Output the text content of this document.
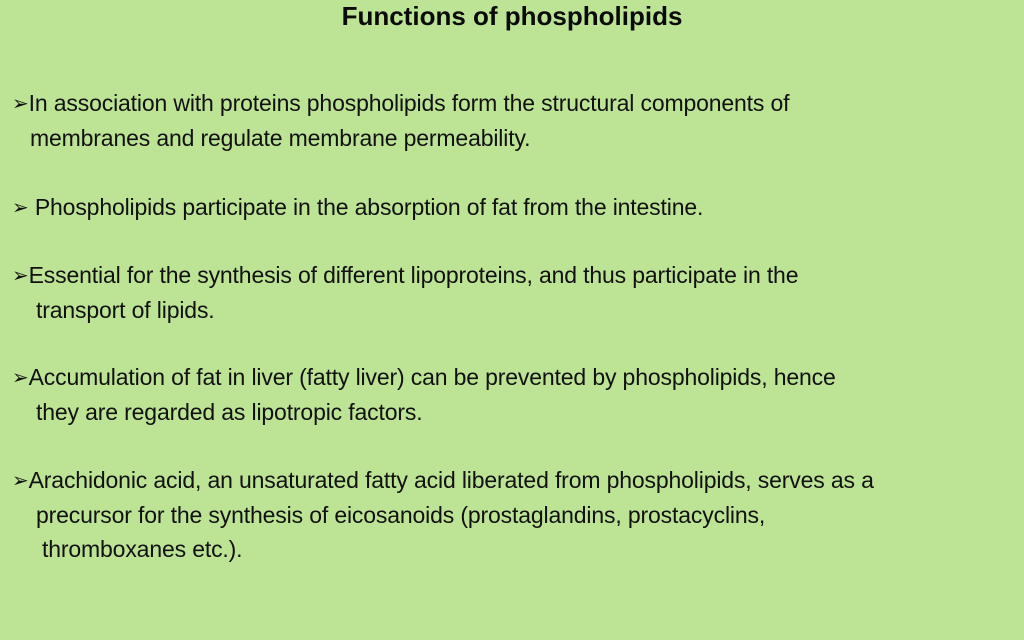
Functions of phospholipids
➢In association with proteins phospholipids form the structural components of
membranes and regulate membrane permeability.
➢ Phospholipids participate in the absorption of fat from the intestine.
➢Essential for the synthesis of different lipoproteins, and thus participate in the
transport of lipids.
➢Accumulation of fat in liver (fatty liver) can be prevented by phospholipids, hence
they are regarded as lipotropic factors.
➢Arachidonic acid, an unsaturated fatty acid liberated from phospholipids, serves as a
precursor for the synthesis of eicosanoids (prostaglandins, prostacyclins,
thromboxanes etc.).
